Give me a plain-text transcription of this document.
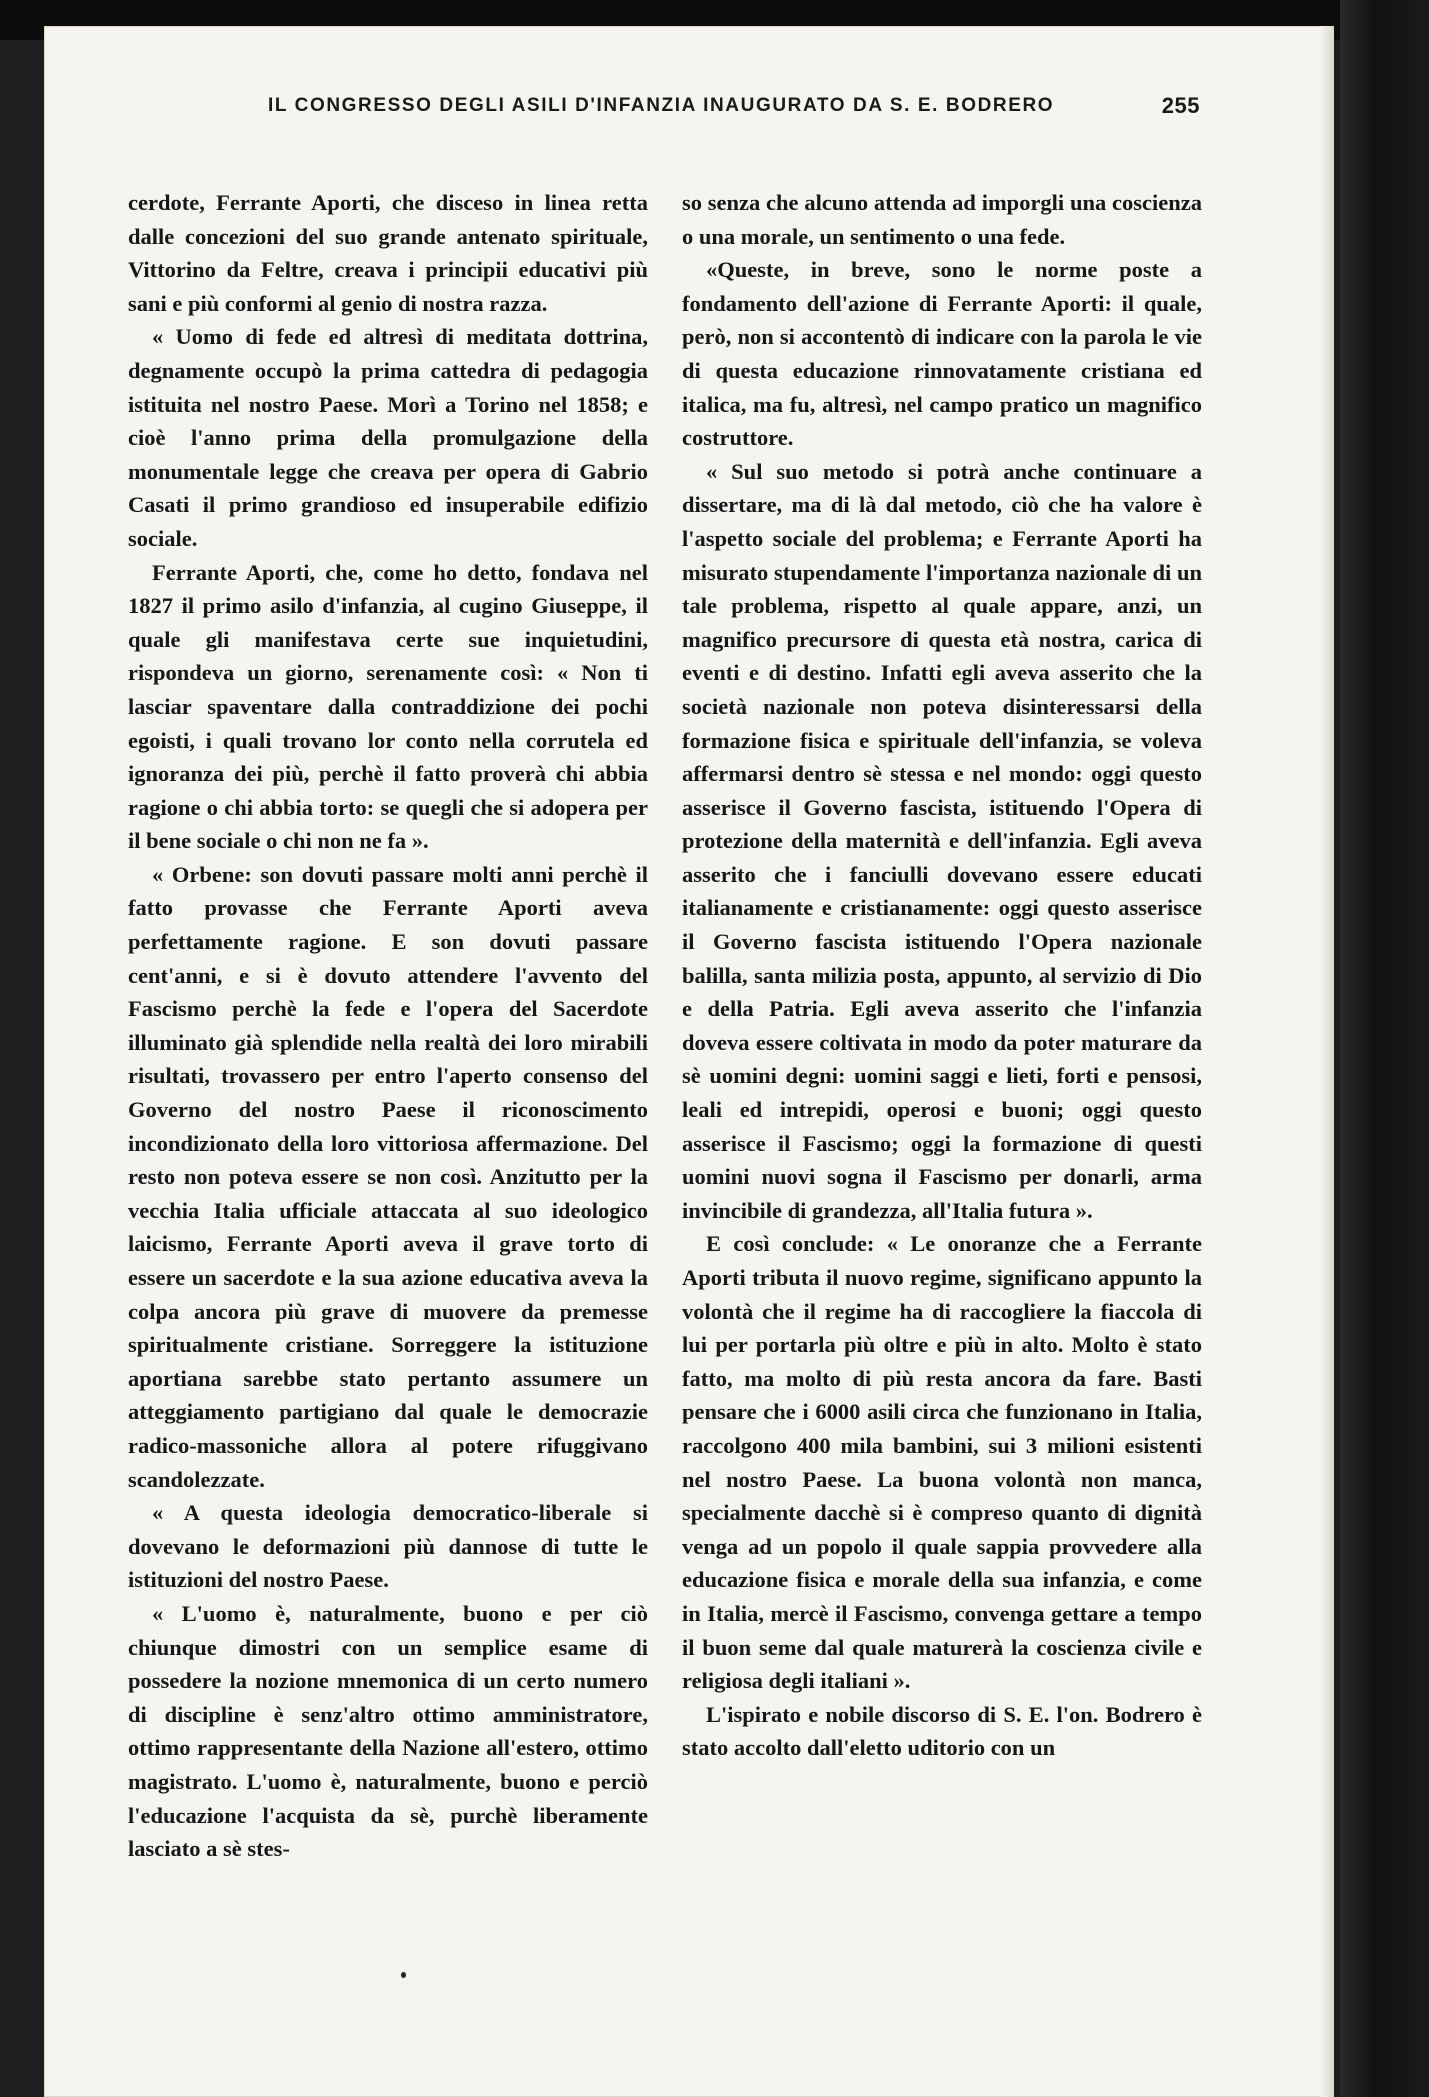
IL CONGRESSO DEGLI ASILI D'INFANZIA INAUGURATO DA S. E. BODRERO	255

cerdote, Ferrante Aporti, che disceso in linea retta dalle concezioni del suo grande antenato spirituale, Vittorino da Feltre, creava i principii educativi più sani e più conformi al genio di nostra razza.

« Uomo di fede ed altresì di meditata dottrina, degnamente occupò la prima cattedra di pedagogia istituita nel nostro Paese. Morì a Torino nel 1858; e cioè l'anno prima della promulgazione della monumentale legge che creava per opera di Gabrio Casati il primo grandioso ed insuperabile edifizio sociale.

Ferrante Aporti, che, come ho detto, fondava nel 1827 il primo asilo d'infanzia, al cugino Giuseppe, il quale gli manifestava certe sue inquietudini, rispondeva un giorno, serenamente così: « Non ti lasciar spaventare dalla contraddizione dei pochi egoisti, i quali trovano lor conto nella corrutela ed ignoranza dei più, perchè il fatto proverà chi abbia ragione o chi abbia torto: se quegli che si adopera per il bene sociale o chi non ne fa ».

« Orbene: son dovuti passare molti anni perchè il fatto provasse che Ferrante Aporti aveva perfettamente ragione. E son dovuti passare cent'anni, e si è dovuto attendere l'avvento del Fascismo perchè la fede e l'opera del Sacerdote illuminato già splendide nella realtà dei loro mirabili risultati, trovassero per entro l'aperto consenso del Governo del nostro Paese il riconoscimento incondizionato della loro vittoriosa affermazione. Del resto non poteva essere se non così. Anzitutto per la vecchia Italia ufficiale attaccata al suo ideologico laicismo, Ferrante Aporti aveva il grave torto di essere un sacerdote e la sua azione educativa aveva la colpa ancora più grave di muovere da premesse spiritualmente cristiane. Sorreggere la istituzione aportiana sarebbe stato pertanto assumere un atteggiamento partigiano dal quale le democrazie radico-massoniche allora al potere rifuggivano scandolezzate.

« A questa ideologia democratico-liberale si dovevano le deformazioni più dannose di tutte le istituzioni del nostro Paese.

« L'uomo è, naturalmente, buono e per ciò chiunque dimostri con un semplice esame di possedere la nozione mnemonica di un certo numero di discipline è senz'altro ottimo amministratore, ottimo rappresentante della Nazione all'estero, ottimo magistrato. L'uomo è, naturalmente, buono e perciò l'educazione l'acquista da sè, purchè liberamente lasciato a sè stes-

so senza che alcuno attenda ad imporgli una coscienza o una morale, un sentimento o una fede.

«Queste, in breve, sono le norme poste a fondamento dell'azione di Ferrante Aporti: il quale, però, non si accontentò di indicare con la parola le vie di questa educazione rinnovatamente cristiana ed italica, ma fu, altresì, nel campo pratico un magnifico costruttore.

« Sul suo metodo si potrà anche continuare a dissertare, ma di là dal metodo, ciò che ha valore è l'aspetto sociale del problema; e Ferrante Aporti ha misurato stupendamente l'importanza nazionale di un tale problema, rispetto al quale appare, anzi, un magnifico precursore di questa età nostra, carica di eventi e di destino. Infatti egli aveva asserito che la società nazionale non poteva disinteressarsi della formazione fisica e spirituale dell'infanzia, se voleva affermarsi dentro sè stessa e nel mondo: oggi questo asserisce il Governo fascista, istituendo l'Opera di protezione della maternità e dell'infanzia. Egli aveva asserito che i fanciulli dovevano essere educati italianamente e cristianamente: oggi questo asserisce il Governo fascista istituendo l'Opera nazionale balilla, santa milizia posta, appunto, al servizio di Dio e della Patria. Egli aveva asserito che l'infanzia doveva essere coltivata in modo da poter maturare da sè uomini degni: uomini saggi e lieti, forti e pensosi, leali ed intrepidi, operosi e buoni; oggi questo asserisce il Fascismo; oggi la formazione di questi uomini nuovi sogna il Fascismo per donarli, arma invincibile di grandezza, all'Italia futura ».

E così conclude: « Le onoranze che a Ferrante Aporti tributa il nuovo regime, significano appunto la volontà che il regime ha di raccogliere la fiaccola di lui per portarla più oltre e più in alto. Molto è stato fatto, ma molto di più resta ancora da fare. Basti pensare che i 6000 asili circa che funzionano in Italia, raccolgono 400 mila bambini, sui 3 milioni esistenti nel nostro Paese. La buona volontà non manca, specialmente dacchè si è compreso quanto di dignità venga ad un popolo il quale sappia provvedere alla educazione fisica e morale della sua infanzia, e come in Italia, mercè il Fascismo, convenga gettare a tempo il buon seme dal quale maturerà la coscienza civile e religiosa degli italiani ».

L'ispirato e nobile discorso di S. E. l'on. Bodrero è stato accolto dall'eletto uditorio con un
